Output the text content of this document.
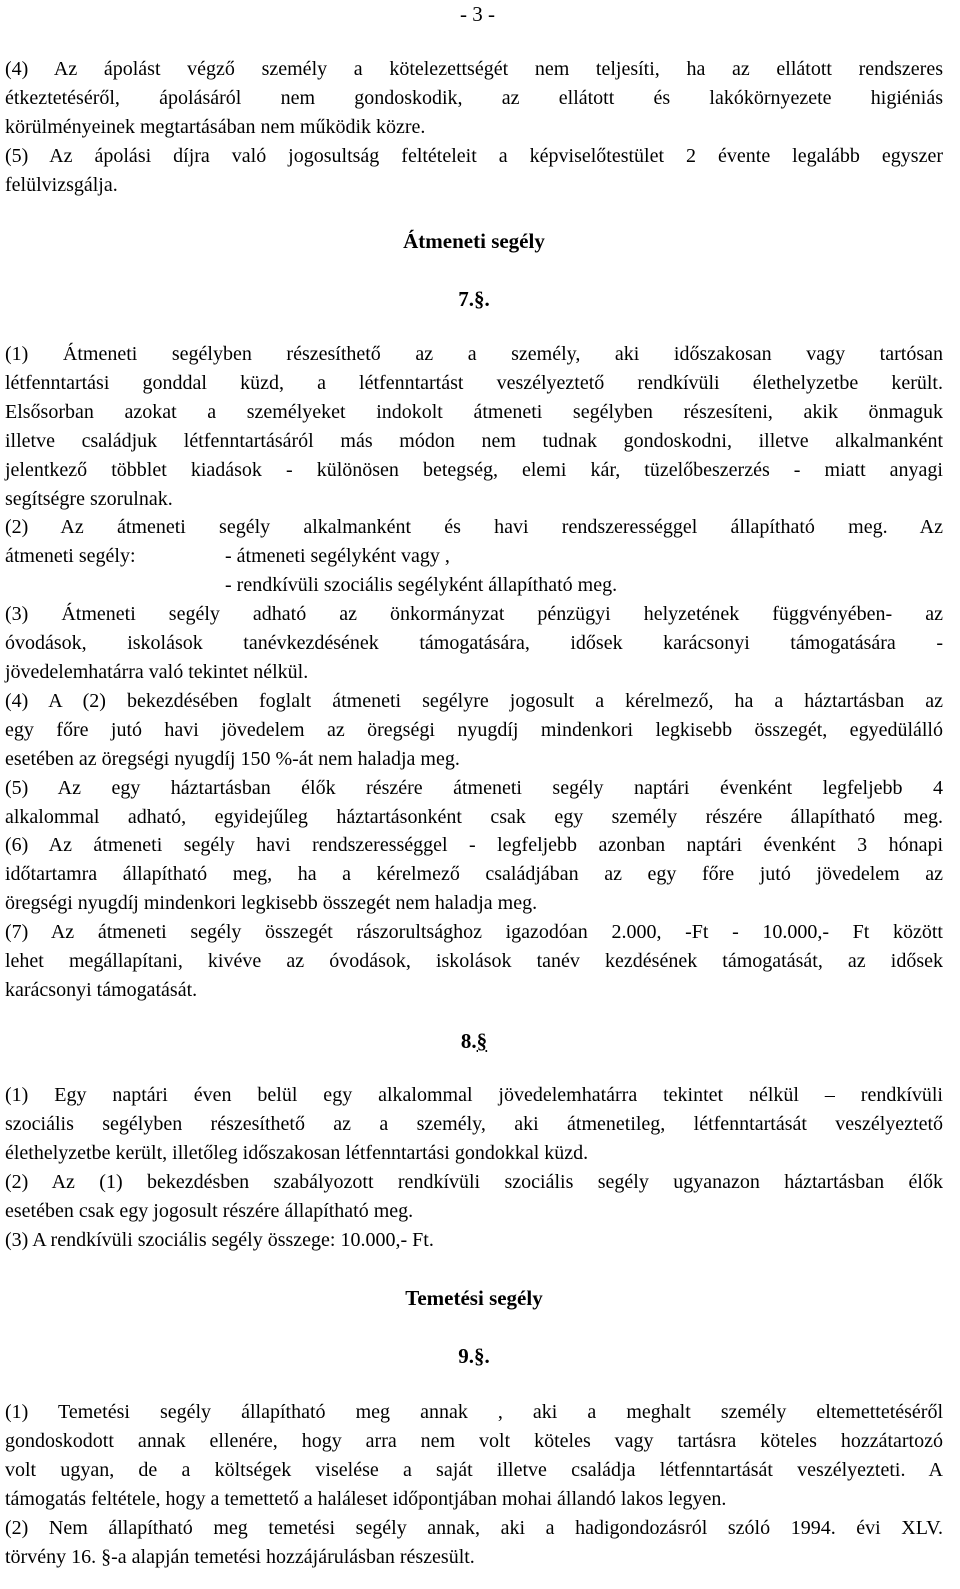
- 3 -
(4) Az ápolást végző személy a kötelezettségét nem teljesíti, ha az ellátott rendszeres
étkeztetéséről, ápolásáról nem gondoskodik, az ellátott és lakókörnyezete higiéniás
körülményeinek megtartásában nem működik közre.
(5) Az ápolási díjra való jogosultság feltételeit a képviselőtestület 2 évente legalább egyszer
felülvizsgálja.
Átmeneti segély
7.§.
(1) Átmeneti segélyben részesíthető az a személy, aki időszakosan vagy tartósan
létfenntartási gonddal küzd, a létfenntartást veszélyeztető rendkívüli élethelyzetbe került.
Elsősorban azokat a személyeket indokolt átmeneti segélyben részesíteni, akik önmaguk
illetve családjuk létfenntartásáról más módon nem tudnak gondoskodni, illetve alkalmanként
jelentkező többlet kiadások - különösen betegség, elemi kár, tüzelőbeszerzés - miatt anyagi
segítségre szorulnak.
(2) Az átmeneti segély alkalmanként és havi rendszerességgel állapítható meg. Az
átmeneti segély:	- átmeneti segélyként vagy ,
- rendkívüli szociális segélyként állapítható meg.
(3) Átmeneti segély adható az önkormányzat pénzügyi helyzetének függvényében- az
óvodások, iskolások tanévkezdésének támogatására, idősek karácsonyi támogatására -
jövedelemhatárra való tekintet nélkül.
(4) A (2) bekezdésében foglalt átmeneti segélyre jogosult a kérelmező, ha a háztartásban az
egy főre jutó havi jövedelem az öregségi nyugdíj mindenkori legkisebb összegét, egyedülálló
esetében az öregségi nyugdíj 150 %-át nem haladja meg.
(5) Az egy háztartásban élők részére átmeneti segély naptári évenként legfeljebb 4
alkalommal adható, egyidejűleg háztartásonként csak egy személy részére állapítható meg.
(6) Az átmeneti segély havi rendszerességgel - legfeljebb azonban naptári évenként 3 hónapi
időtartamra állapítható meg, ha a kérelmező családjában az egy főre jutó jövedelem az
öregségi nyugdíj mindenkori legkisebb összegét nem haladja meg.
(7) Az átmeneti segély összegét rászorultsághoz igazodóan 2.000, -Ft - 10.000,- Ft között
lehet megállapítani, kivéve az óvodások, iskolások tanév kezdésének támogatását, az idősek
karácsonyi támogatását.
8.§
(1) Egy naptári éven belül egy alkalommal jövedelemhatárra tekintet nélkül – rendkívüli
szociális segélyben részesíthető az a személy, aki átmenetileg, létfenntartását veszélyeztető
élethelyzetbe került, illetőleg időszakosan létfenntartási gondokkal küzd.
(2) Az (1) bekezdésben szabályozott rendkívüli szociális segély ugyanazon háztartásban élők
esetében csak egy jogosult részére állapítható meg.
(3) A rendkívüli szociális segély összege: 10.000,- Ft.
Temetési segély
9.§.
(1) Temetési segély állapítható meg annak , aki a meghalt személy eltemettetéséről
gondoskodott annak ellenére, hogy arra nem volt köteles vagy tartásra köteles hozzátartozó
volt ugyan, de a költségek viselése a saját illetve családja létfenntartását veszélyezteti. A
támogatás feltétele, hogy a temettető a haláleset időpontjában mohai állandó lakos legyen.
(2) Nem állapítható meg temetési segély annak, aki a hadigondozásról szóló 1994. évi XLV.
törvény 16. §-a alapján temetési hozzájárulásban részesült.
